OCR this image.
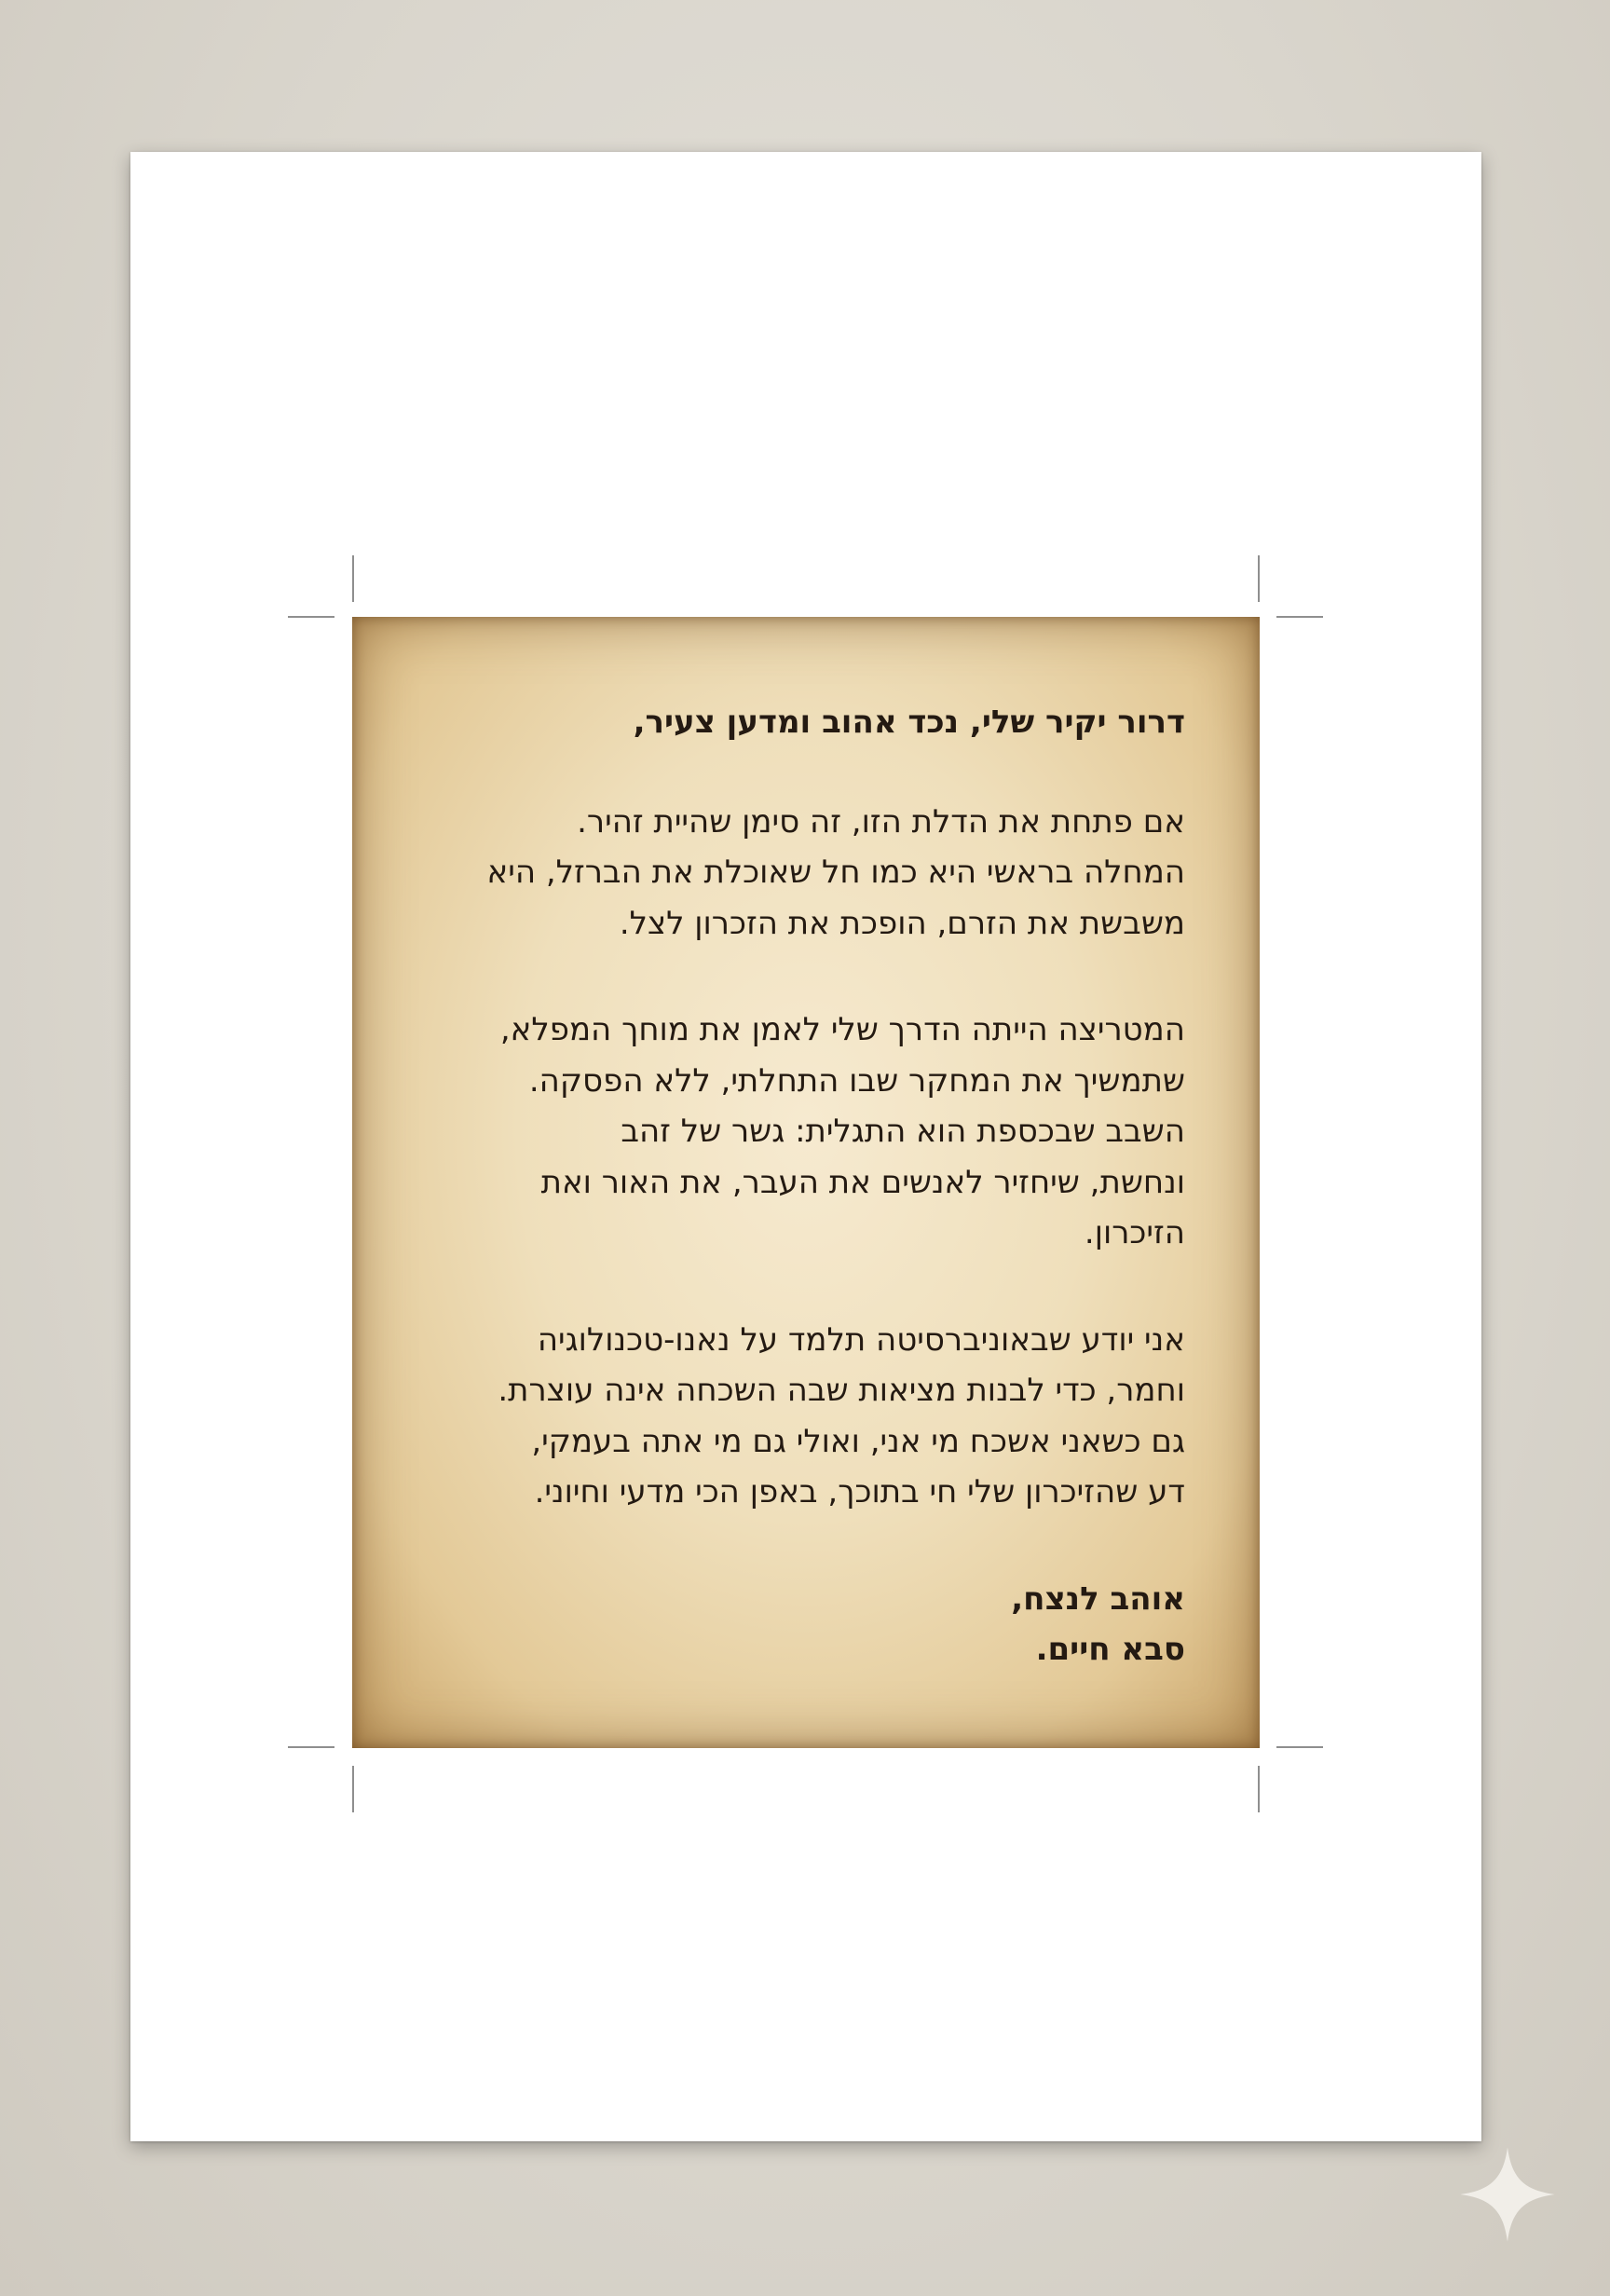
דרור יקיר שלי, נכד אהוב ומדען צעיר,
אם פתחת את הדלת הזו, זה סימן שהיית זהיר.
המחלה בראשי היא כמו חל שאוכלת את הברזל, היא
משבשת את הזרם, הופכת את הזכרון לצל.
המטריצה הייתה הדרך שלי לאמן את מוחך המפלא,
שתמשיך את המחקר שבו התחלתי, ללא הפסקה.
השבב שבכספת הוא התגלית: גשר של זהב
ונחשת, שיחזיר לאנשים את העבר, את האור ואת
הזיכרון.
אני יודע שבאוניברסיטה תלמד על נאנו-טכנולוגיה
וחמר, כדי לבנות מציאות שבה השכחה אינה עוצרת.
גם כשאני אשכח מי אני, ואולי גם מי אתה בעמקי,
דע שהזיכרון שלי חי בתוכך, באפן הכי מדעי וחיוני.
אוהב לנצח,
סבא חיים.
